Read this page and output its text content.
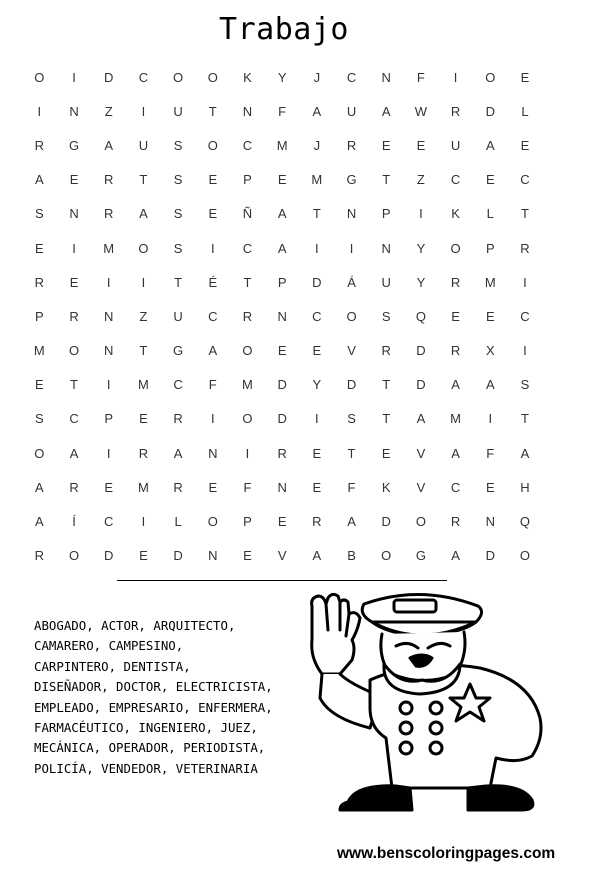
Trabajo
O	I	D	C	O	O	K	Y	J	C	N	F	I	O	E
I	N	Z	I	U	T	N	F	A	U	A	W	R	D	L
R	G	A	U	S	O	C	M	J	R	E	E	U	A	E
A	E	R	T	S	E	P	E	M	G	T	Z	C	E	C
S	N	R	A	S	E	Ñ	A	T	N	P	I	K	L	T
E	I	M	O	S	I	C	A	I	I	N	Y	O	P	R
R	E	I	I	T	É	T	P	D	Á	U	Y	R	M	I
P	R	N	Z	U	C	R	N	C	O	S	Q	E	E	C
M	O	N	T	G	A	O	E	E	V	R	D	R	X	I
E	T	I	M	C	F	M	D	Y	D	T	D	A	A	S
S	C	P	E	R	I	O	D	I	S	T	A	M	I	T
O	A	I	R	A	N	I	R	E	T	E	V	A	F	A
A	R	E	M	R	E	F	N	E	F	K	V	C	E	H
A	Í	C	I	L	O	P	E	R	A	D	O	R	N	Q
R	O	D	E	D	N	E	V	A	B	O	G	A	D	O
ABOGADO, ACTOR, ARQUITECTO,
CAMARERO, CAMPESINO,
CARPINTERO, DENTISTA,
DISEÑADOR, DOCTOR, ELECTRICISTA,
EMPLEADO, EMPRESARIO, ENFERMERA,
FARMACÉUTICO, INGENIERO, JUEZ,
MECÁNICA, OPERADOR, PERIODISTA,
POLICÍA, VENDEDOR, VETERINARIA
www.benscoloringpages.com
